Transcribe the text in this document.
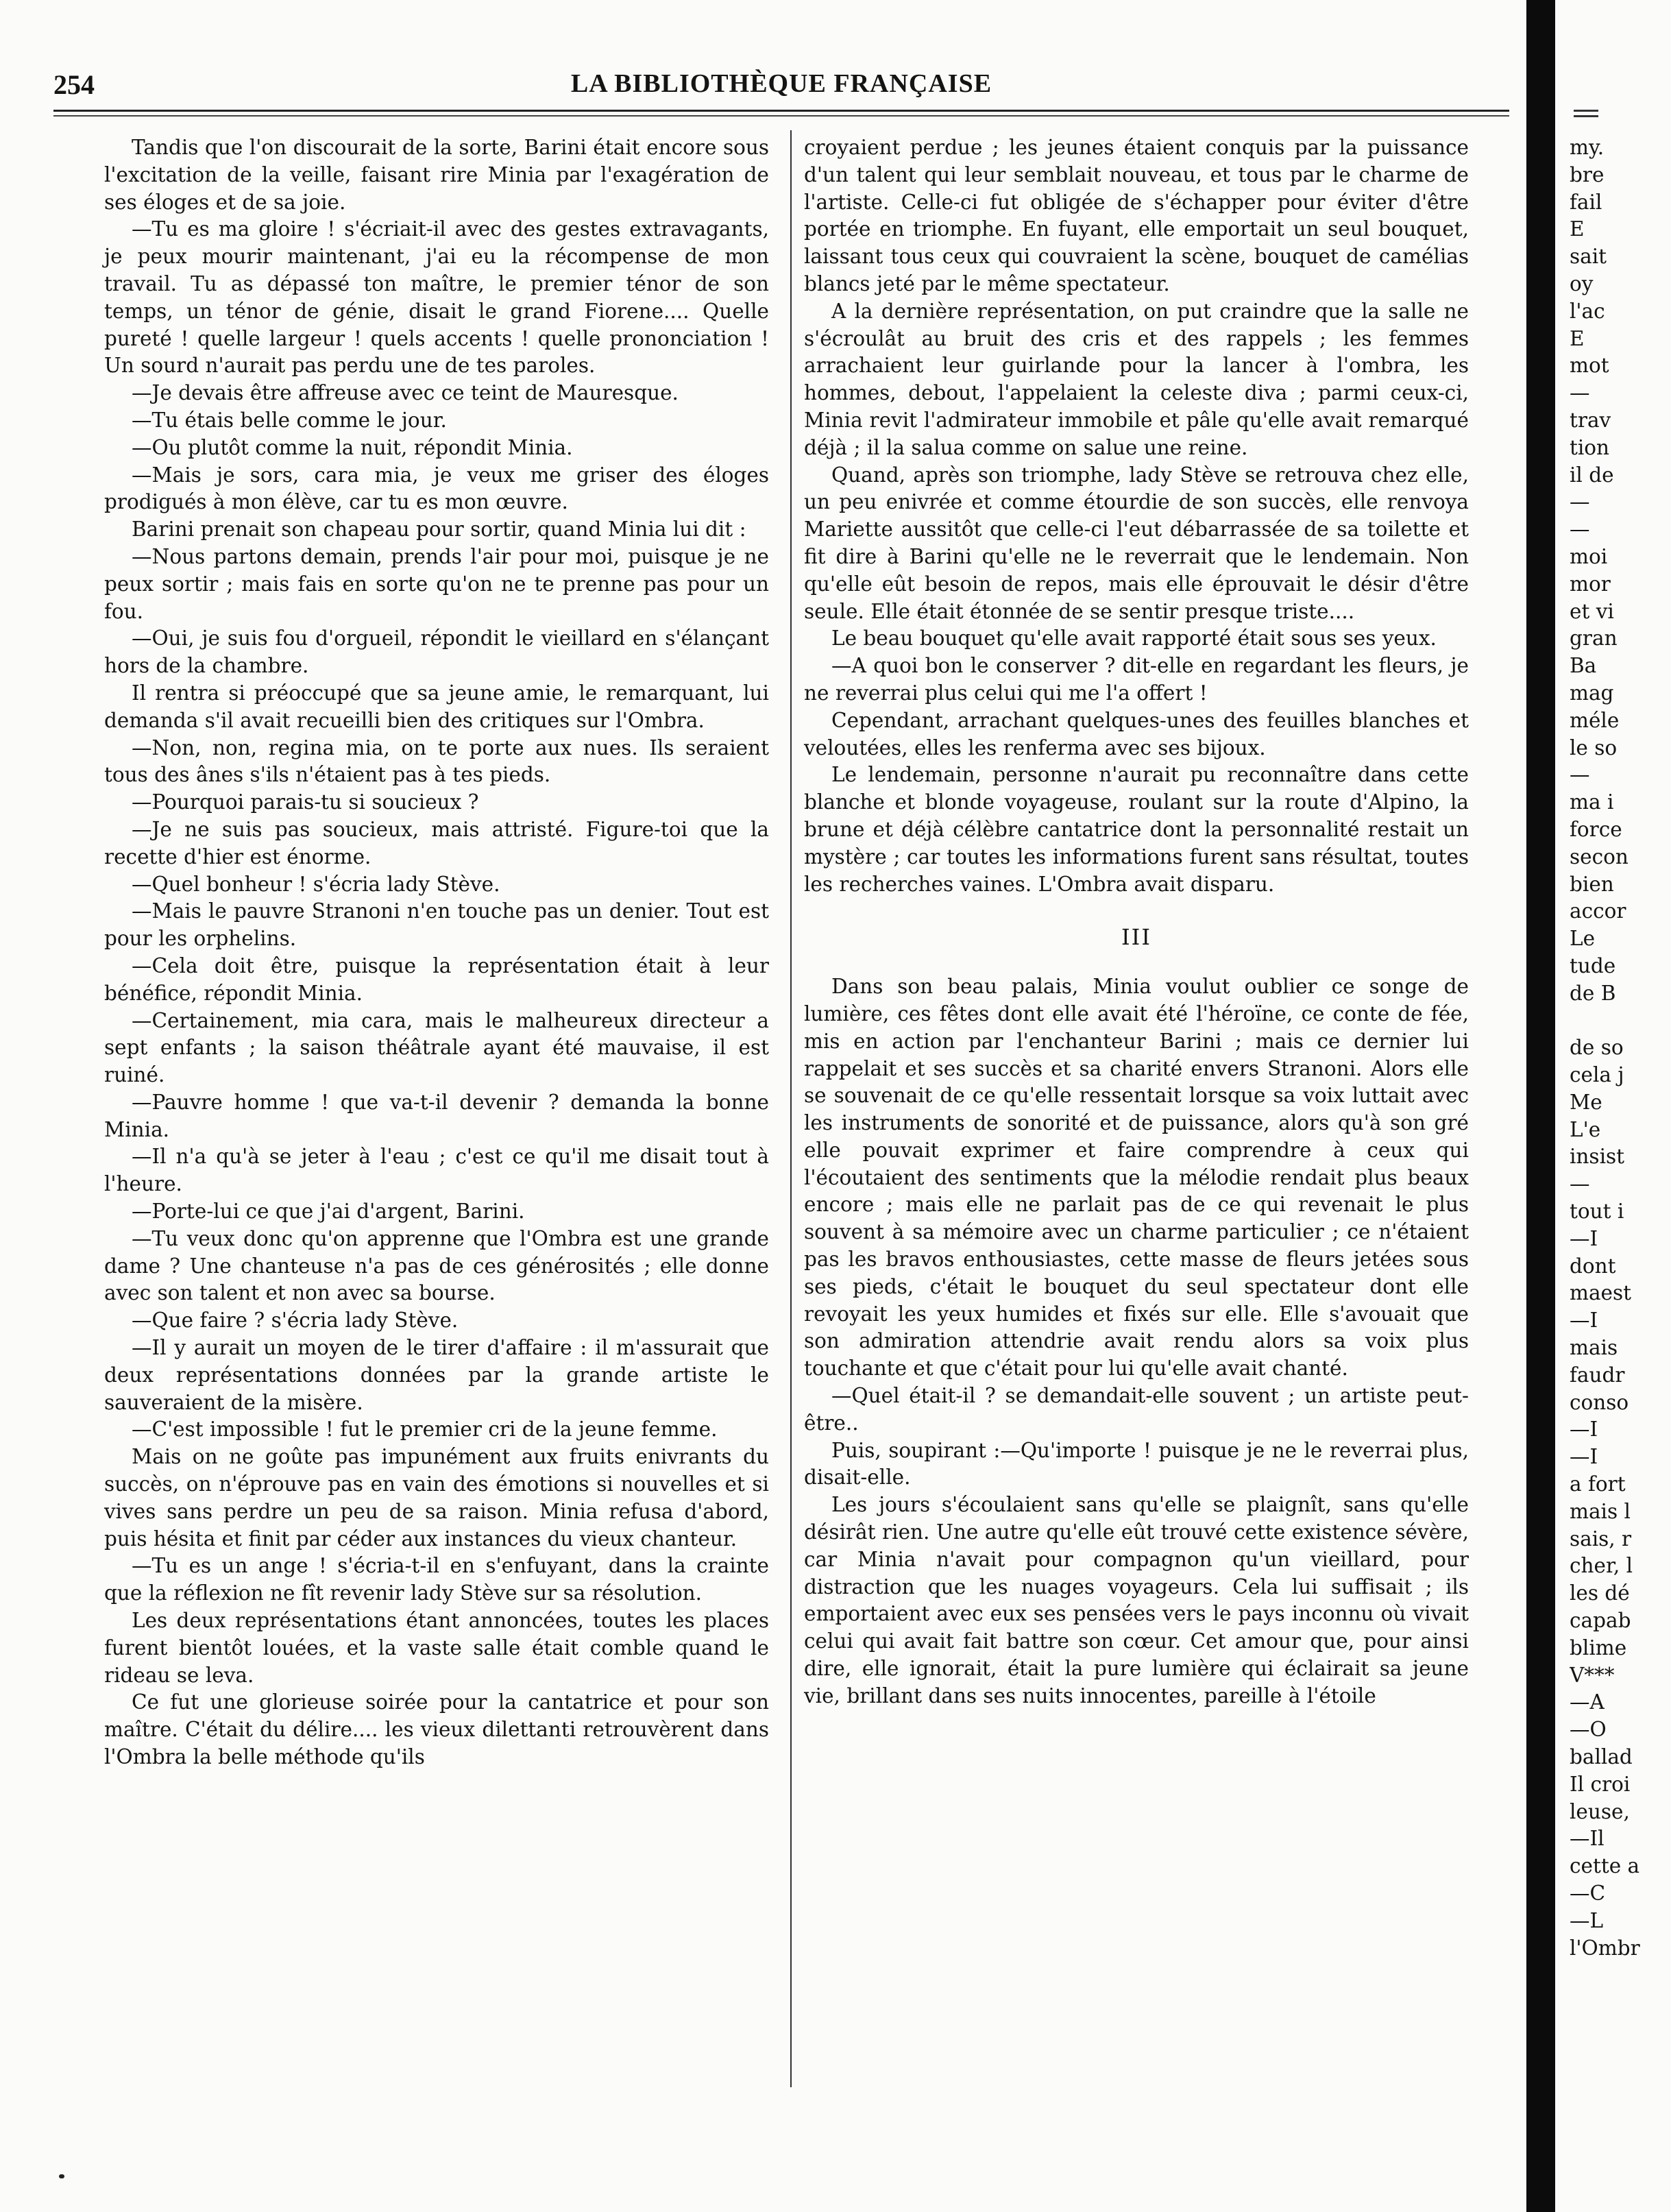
254	LA BIBLIOTHÈQUE FRANÇAISE

Tandis que l'on discourait de la sorte, Barini était encore sous l'excitation de la veille, faisant rire Minia par l'exagération de ses éloges et de sa joie.

—Tu es ma gloire ! s'écriait-il avec des gestes extravagants, je peux mourir maintenant, j'ai eu la récompense de mon travail. Tu as dépassé ton maître, le premier ténor de son temps, un ténor de génie, disait le grand Fiorene.... Quelle pureté ! quelle largeur ! quels accents ! quelle prononciation ! Un sourd n'aurait pas perdu une de tes paroles.

—Je devais être affreuse avec ce teint de Mauresque.

—Tu étais belle comme le jour.

—Ou plutôt comme la nuit, répondit Minia.

—Mais je sors, cara mia, je veux me griser des éloges prodigués à mon élève, car tu es mon œuvre.

Barini prenait son chapeau pour sortir, quand Minia lui dit :

—Nous partons demain, prends l'air pour moi, puisque je ne peux sortir ; mais fais en sorte qu'on ne te prenne pas pour un fou.

—Oui, je suis fou d'orgueil, répondit le vieillard en s'élançant hors de la chambre.

Il rentra si préoccupé que sa jeune amie, le remarquant, lui demanda s'il avait recueilli bien des critiques sur l'Ombra.

—Non, non, regina mia, on te porte aux nues. Ils seraient tous des ânes s'ils n'étaient pas à tes pieds.

—Pourquoi parais-tu si soucieux ?

—Je ne suis pas soucieux, mais attristé. Figure-toi que la recette d'hier est énorme.

—Quel bonheur ! s'écria lady Stève.

—Mais le pauvre Stranoni n'en touche pas un denier. Tout est pour les orphelins.

—Cela doit être, puisque la représentation était à leur bénéfice, répondit Minia.

—Certainement, mia cara, mais le malheureux directeur a sept enfants ; la saison théâtrale ayant été mauvaise, il est ruiné.

—Pauvre homme ! que va-t-il devenir ? demanda la bonne Minia.

—Il n'a qu'à se jeter à l'eau ; c'est ce qu'il me disait tout à l'heure.

—Porte-lui ce que j'ai d'argent, Barini.

—Tu veux donc qu'on apprenne que l'Ombra est une grande dame ? Une chanteuse n'a pas de ces générosités ; elle donne avec son talent et non avec sa bourse.

—Que faire ? s'écria lady Stève.

—Il y aurait un moyen de le tirer d'affaire : il m'assurait que deux représentations données par la grande artiste le sauveraient de la misère.

—C'est impossible ! fut le premier cri de la jeune femme.

Mais on ne goûte pas impunément aux fruits enivrants du succès, on n'éprouve pas en vain des émotions si nouvelles et si vives sans perdre un peu de sa raison. Minia refusa d'abord, puis hésita et finit par céder aux instances du vieux chanteur.

—Tu es un ange ! s'écria-t-il en s'enfuyant, dans la crainte que la réflexion ne fît revenir lady Stève sur sa résolution.

Les deux représentations étant annoncées, toutes les places furent bientôt louées, et la vaste salle était comble quand le rideau se leva.

Ce fut une glorieuse soirée pour la cantatrice et pour son maître. C'était du délire.... les vieux dilettanti retrouvèrent dans l'Ombra la belle méthode qu'ils

croyaient perdue ; les jeunes étaient conquis par la puissance d'un talent qui leur semblait nouveau, et tous par le charme de l'artiste. Celle-ci fut obligée de s'échapper pour éviter d'être portée en triomphe. En fuyant, elle emportait un seul bouquet, laissant tous ceux qui couvraient la scène, bouquet de camélias blancs jeté par le même spectateur.

A la dernière représentation, on put craindre que la salle ne s'écroulât au bruit des cris et des rappels ; les femmes arrachaient leur guirlande pour la lancer à l'ombra, les hommes, debout, l'appelaient la celeste diva ; parmi ceux-ci, Minia revit l'admirateur immobile et pâle qu'elle avait remarqué déjà ; il la salua comme on salue une reine.

Quand, après son triomphe, lady Stève se retrouva chez elle, un peu enivrée et comme étourdie de son succès, elle renvoya Mariette aussitôt que celle-ci l'eut débarrassée de sa toilette et fit dire à Barini qu'elle ne le reverrait que le lendemain. Non qu'elle eût besoin de repos, mais elle éprouvait le désir d'être seule. Elle était étonnée de se sentir presque triste....

Le beau bouquet qu'elle avait rapporté était sous ses yeux.

—A quoi bon le conserver ? dit-elle en regardant les fleurs, je ne reverrai plus celui qui me l'a offert !

Cependant, arrachant quelques-unes des feuilles blanches et veloutées, elles les renferma avec ses bijoux.

Le lendemain, personne n'aurait pu reconnaître dans cette blanche et blonde voyageuse, roulant sur la route d'Alpino, la brune et déjà célèbre cantatrice dont la personnalité restait un mystère ; car toutes les informations furent sans résultat, toutes les recherches vaines. L'Ombra avait disparu.

III

Dans son beau palais, Minia voulut oublier ce songe de lumière, ces fêtes dont elle avait été l'héroïne, ce conte de fée, mis en action par l'enchanteur Barini ; mais ce dernier lui rappelait et ses succès et sa charité envers Stranoni. Alors elle se souvenait de ce qu'elle ressentait lorsque sa voix luttait avec les instruments de sonorité et de puissance, alors qu'à son gré elle pouvait exprimer et faire comprendre à ceux qui l'écoutaient des sentiments que la mélodie rendait plus beaux encore ; mais elle ne parlait pas de ce qui revenait le plus souvent à sa mémoire avec un charme particulier ; ce n'étaient pas les bravos enthousiastes, cette masse de fleurs jetées sous ses pieds, c'était le bouquet du seul spectateur dont elle revoyait les yeux humides et fixés sur elle. Elle s'avouait que son admiration attendrie avait rendu alors sa voix plus touchante et que c'était pour lui qu'elle avait chanté.

—Quel était-il ? se demandait-elle souvent ; un artiste peut-être..

Puis, soupirant :—Qu'importe ! puisque je ne le reverrai plus, disait-elle.

Les jours s'écoulaient sans qu'elle se plaignît, sans qu'elle désirât rien. Une autre qu'elle eût trouvé cette existence sévère, car Minia n'avait pour compagnon qu'un vieillard, pour distraction que les nuages voyageurs. Cela lui suffisait ; ils emportaient avec eux ses pensées vers le pays inconnu où vivait celui qui avait fait battre son cœur. Cet amour que, pour ainsi dire, elle ignorait, était la pure lumière qui éclairait sa jeune vie, brillant dans ses nuits innocentes, pareille à l'étoile

my.
bre
fail
E
sait
oy
l'ac
E
mot
—
trav
tion
il de
—
—
moi
mor
et vi
gran
Ba
mag
méle
le so
—
ma i
force
secon
bien
accor
Le
tude
de B
de so
cela j
Me
L'e
insist
—
tout i
—I
dont
maest
—I
mais
faudr
conso
—I
—I
a fort
mais l
sais, r
cher, l
les dé
capab
blime
V***
—A
—O
ballad
Il croi
leuse,
—Il
cette a
—C
—L
l'Ombr
